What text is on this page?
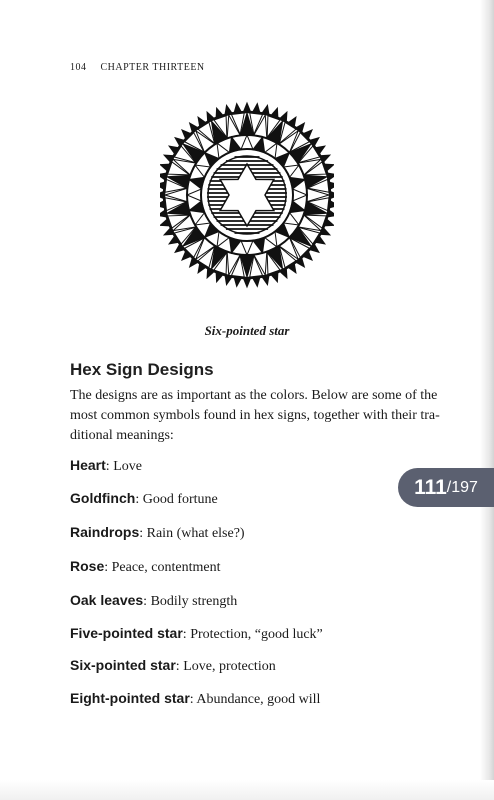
104 CHAPTER THIRTEEN
Six-pointed star
Hex Sign Designs

The designs are as important as the colors. Below are some of the
most common symbols found in hex signs, together with their tra-
ditional meanings:

Heart: Love
Goldfinch: Good fortune
Raindrops: Rain (what else?)
Rose: Peace, contentment
Oak leaves: Bodily strength
Five-pointed star: Protection, “good luck”
Six-pointed star: Love, protection
Eight-pointed star: Abundance, good will
111 /197
